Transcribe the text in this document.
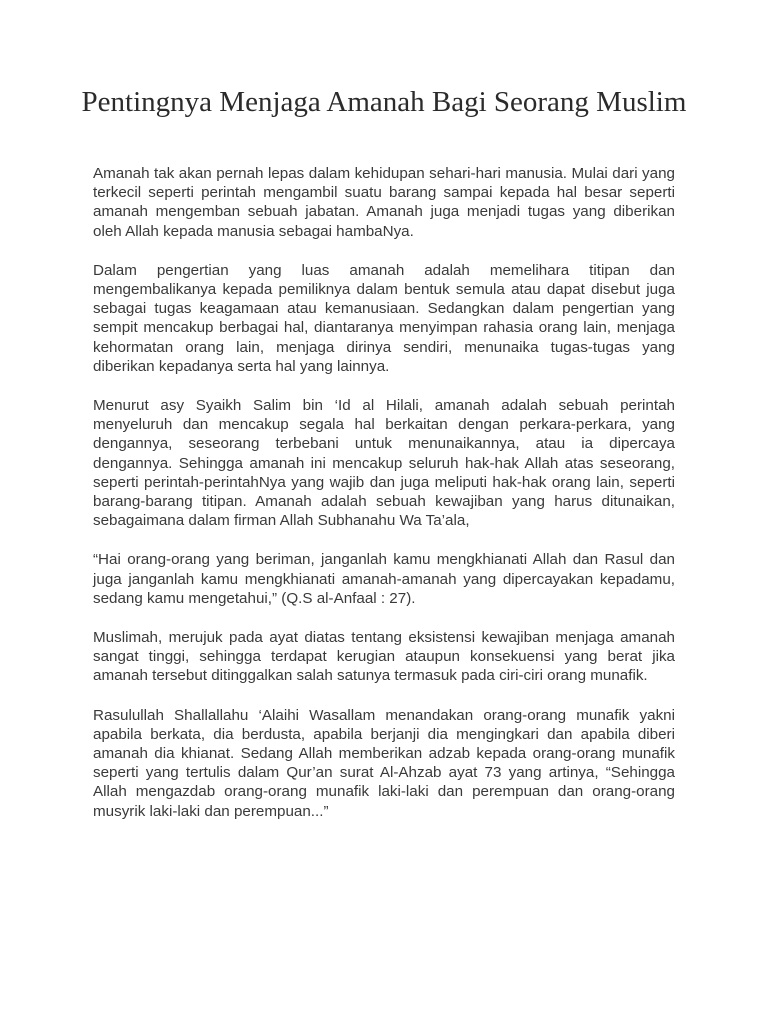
Pentingnya Menjaga Amanah Bagi Seorang Muslim

Amanah tak akan pernah lepas dalam kehidupan sehari-hari manusia. Mulai dari yang terkecil seperti perintah mengambil suatu barang sampai kepada hal besar seperti amanah mengemban sebuah jabatan. Amanah juga menjadi tugas yang diberikan oleh Allah kepada manusia sebagai hambaNya.

Dalam pengertian yang luas amanah adalah memelihara titipan dan mengembalikanya kepada pemiliknya dalam bentuk semula atau dapat disebut juga sebagai tugas keagamaan atau kemanusiaan. Sedangkan dalam pengertian yang sempit mencakup berbagai hal, diantaranya menyimpan rahasia orang lain, menjaga kehormatan orang lain, menjaga dirinya sendiri, menunaika tugas-tugas yang diberikan kepadanya serta hal yang lainnya.

Menurut asy Syaikh Salim bin ‘Id al Hilali, amanah adalah sebuah perintah menyeluruh dan mencakup segala hal berkaitan dengan perkara-perkara, yang dengannya, seseorang terbebani untuk menunaikannya, atau ia dipercaya dengannya. Sehingga amanah ini mencakup seluruh hak-hak Allah atas seseorang, seperti perintah-perintahNya yang wajib dan juga meliputi hak-hak orang lain, seperti barang-barang titipan. Amanah adalah sebuah kewajiban yang harus ditunaikan, sebagaimana dalam firman Allah Subhanahu Wa Ta’ala,

“Hai orang-orang yang beriman, janganlah kamu mengkhianati Allah dan Rasul dan juga janganlah kamu mengkhianati amanah-amanah yang dipercayakan kepadamu, sedang kamu mengetahui,” (Q.S al-Anfaal : 27).

Muslimah, merujuk pada ayat diatas tentang eksistensi kewajiban menjaga amanah sangat tinggi, sehingga terdapat kerugian ataupun konsekuensi yang berat jika amanah tersebut ditinggalkan salah satunya termasuk pada ciri-ciri orang munafik.

Rasulullah Shallallahu ‘Alaihi Wasallam menandakan orang-orang munafik yakni apabila berkata, dia berdusta, apabila berjanji dia mengingkari dan apabila diberi amanah dia khianat. Sedang Allah memberikan adzab kepada orang-orang munafik seperti yang tertulis dalam Qur’an surat Al-Ahzab ayat 73 yang artinya, “Sehingga Allah mengazdab orang-orang munafik laki-laki dan perempuan dan orang-orang musyrik laki-laki dan perempuan...”
